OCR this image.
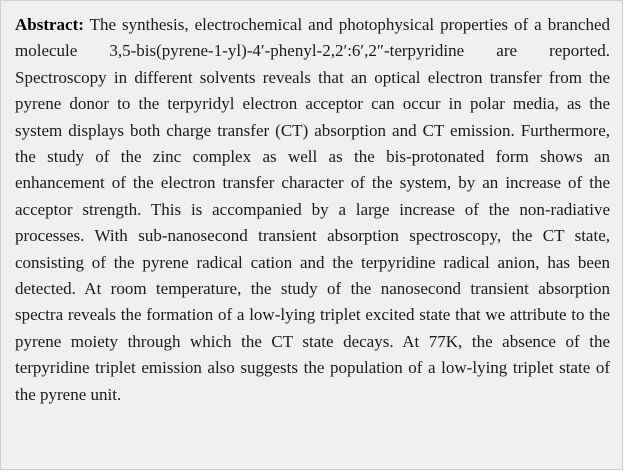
Abstract: The synthesis, electrochemical and photophysical properties of a branched molecule 3,5-bis(pyrene-1-yl)-4′-phenyl-2,2′:6′,2″-terpyridine are reported. Spectroscopy in different solvents reveals that an optical electron transfer from the pyrene donor to the terpyridyl electron acceptor can occur in polar media, as the system displays both charge transfer (CT) absorption and CT emission. Furthermore, the study of the zinc complex as well as the bis-protonated form shows an enhancement of the electron transfer character of the system, by an increase of the acceptor strength. This is accompanied by a large increase of the non-radiative processes. With sub-nanosecond transient absorption spectroscopy, the CT state, consisting of the pyrene radical cation and the terpyridine radical anion, has been detected. At room temperature, the study of the nanosecond transient absorption spectra reveals the formation of a low-lying triplet excited state that we attribute to the pyrene moiety through which the CT state decays. At 77K, the absence of the terpyridine triplet emission also suggests the population of a low-lying triplet state of the pyrene unit.
